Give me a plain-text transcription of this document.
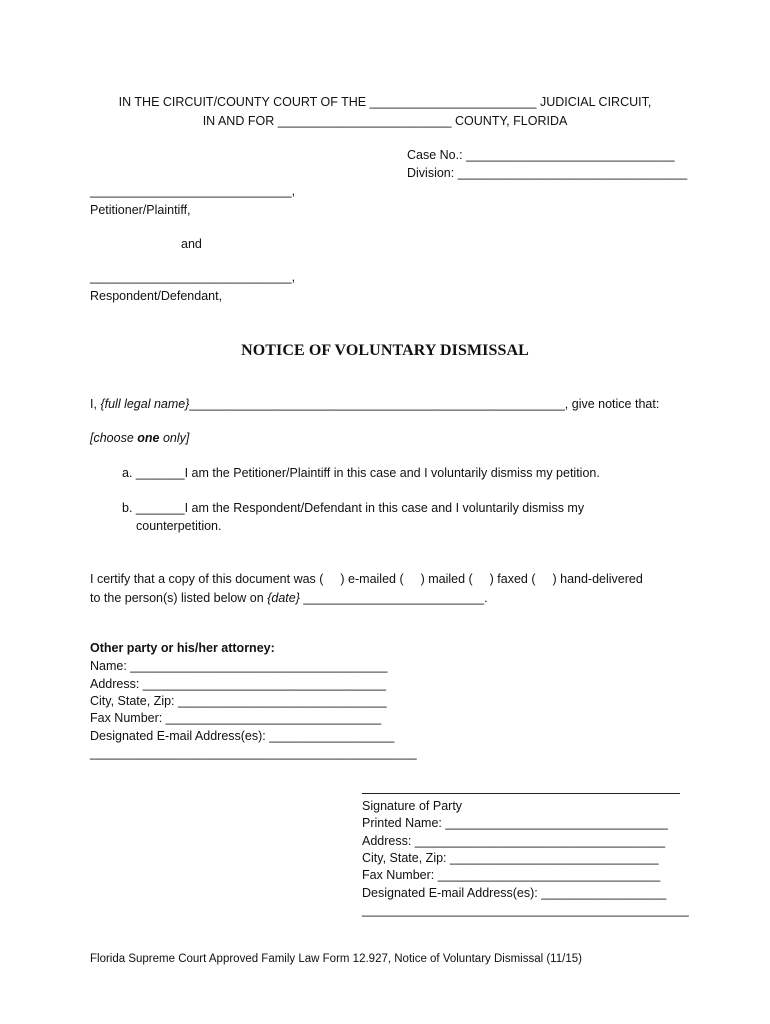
IN THE CIRCUIT/COUNTY COURT OF THE ________________________ JUDICIAL CIRCUIT,
IN AND FOR _________________________ COUNTY, FLORIDA
Case No.: ______________________________
Division: _________________________________
_____________________________,
Petitioner/Plaintiff,
and
_____________________________,
Respondent/Defendant,
NOTICE OF VOLUNTARY DISMISSAL
I, {full legal name}______________________________________________________, give notice that:
[choose one only]
a. _______I am the Petitioner/Plaintiff in this case and I voluntarily dismiss my petition.
b. _______I am the Respondent/Defendant in this case and I voluntarily dismiss my
counterpetition.
I certify that a copy of this document was ( ) e-mailed ( ) mailed ( ) faxed ( ) hand-delivered
to the person(s) listed below on {date} __________________________.
Other party or his/her attorney:
Name: _____________________________________
Address: ___________________________________
City, State, Zip: ______________________________
Fax Number: _______________________________
Designated E-mail Address(es): __________________
_______________________________________________
Signature of Party
Printed Name: ________________________________
Address: ____________________________________
City, State, Zip: ______________________________
Fax Number: ________________________________
Designated E-mail Address(es): __________________
_______________________________________________
Florida Supreme Court Approved Family Law Form 12.927, Notice of Voluntary Dismissal (11/15)
